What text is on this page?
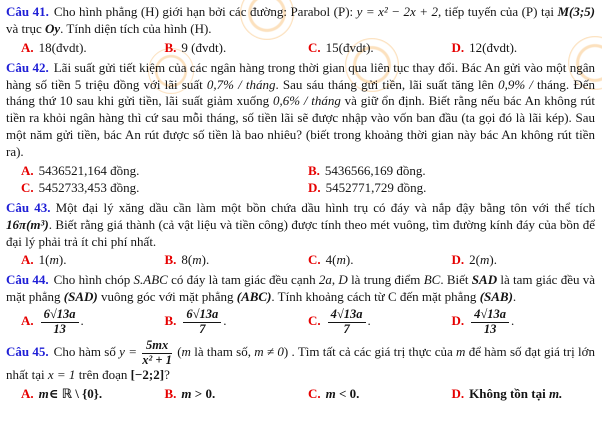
Câu 41. Cho hình phẳng (H) giới hạn bởi các đường: Parabol (P): y = x² − 2x + 2, tiếp tuyến của (P) tại M(3;5) và trục Oy. Tính diện tích của hình (H).

A. 18(đvdt).	B. 9 (đvdt).	C. 15(đvdt).	D. 12(đvdt).

Câu 42. Lãi suất gửi tiết kiệm của các ngân hàng trong thời gian qua liên tục thay đổi. Bác An gửi vào một ngân hàng số tiền 5 triệu đồng với lãi suất 0,7% / tháng. Sau sáu tháng gửi tiền, lãi suất tăng lên 0,9% / tháng. Đến tháng thứ 10 sau khi gửi tiền, lãi suất giảm xuống 0,6% / tháng và giữ ổn định. Biết rằng nếu bác An không rút tiền ra khỏi ngân hàng thì cứ sau mỗi tháng, số tiền lãi sẽ được nhập vào vốn ban đầu (ta gọi đó là lãi kép). Sau một năm gửi tiền, bác An rút được số tiền là bao nhiêu? (biết trong khoảng thời gian này bác An không rút tiền ra).

A. 5436521,164 đồng.	B. 5436566,169 đồng.
C. 5452733,453 đồng.	D. 5452771,729 đồng.

Câu 43. Một đại lý xăng dầu cần làm một bồn chứa dầu hình trụ có đáy và nắp đậy bằng tôn với thể tích 16π(m³). Biết rằng giá thành (cả vật liệu và tiền công) được tính theo mét vuông, tìm đường kính đáy của bồn để đại lý phải trả ít chi phí nhất.

A. 1(m).	B. 8(m).	C. 4(m).	D. 2(m).

Câu 44. Cho hình chóp S.ABC có đáy là tam giác đều cạnh 2a, D là trung điểm BC. Biết SAD là tam giác đều và mặt phẳng (SAD) vuông góc với mặt phẳng (ABC). Tính khoảng cách từ C đến mặt phẳng (SAB).

A. $\frac{6√13a}{13}$ .	B. $\frac{6√13a}{7}$ .	C. $\frac{4√13a}{7}$ .	D. $\frac{4√13a}{13}$ .

Câu 45. Cho hàm số $y = \frac{5mx}{\text{x² + 1}} (m$ là tham số, m ≠ 0) . Tìm tất cả các giá trị thực của m để hàm số đạt giá trị lớn nhất tại x = 1 trên đoạn [−2;2]?

A. m∈ ℝ \ {0}.	B. m > 0.	C. m < 0.	D. Không tồn tại m.
